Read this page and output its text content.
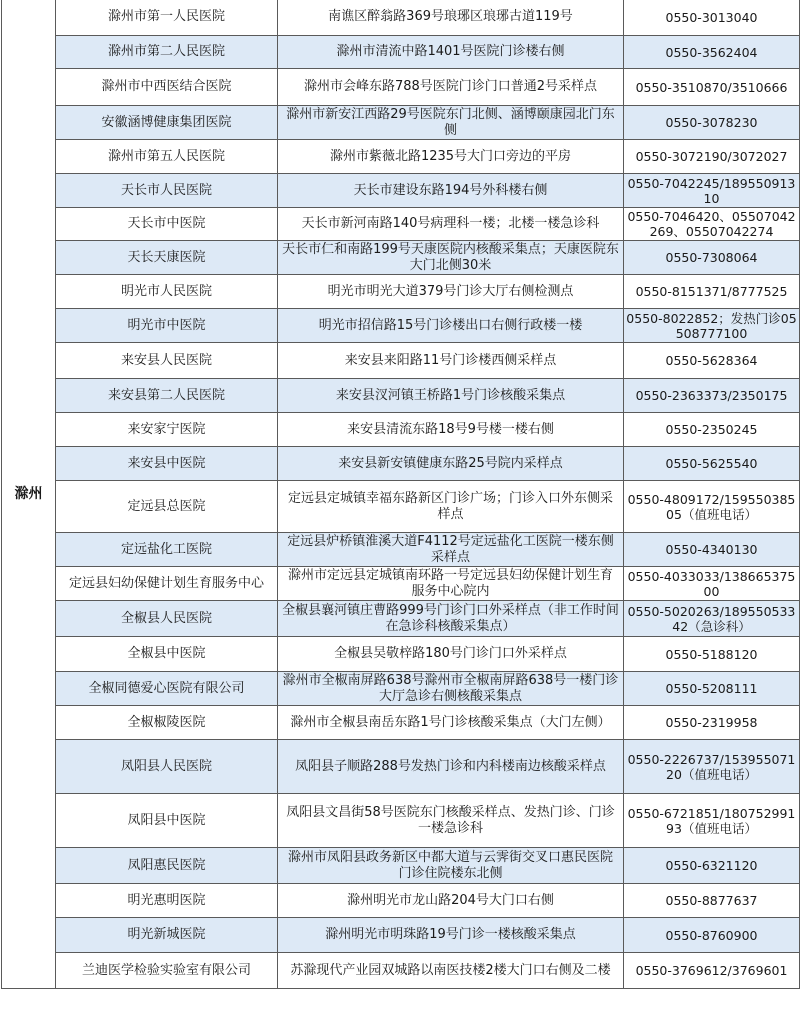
滁州	滁州市第一人民医院	南谯区醉翁路369号琅琊区琅琊古道119号	0550-3013040
	滁州市第二人民医院	滁州市清流中路1401号医院门诊楼右侧	0550-3562404
	滁州市中西医结合医院	滁州市会峰东路788号医院门诊门口普通2号采样点	0550-3510870/3510666
	安徽涵博健康集团医院	滁州市新安江西路29号医院东门北侧、涵博颐康园北门东侧	0550-3078230
	滁州市第五人民医院	滁州市紫薇北路1235号大门口旁边的平房	0550-3072190/3072027
	天长市人民医院	天长市建设东路194号外科楼右侧	0550-7042245/18955091310
	天长市中医院	天长市新河南路140号病理科一楼；北楼一楼急诊科	0550-7046420、05507042269、05507042274
	天长天康医院	天长市仁和南路199号天康医院内核酸采集点；天康医院东大门北侧30米	0550-7308064
	明光市人民医院	明光市明光大道379号门诊大厅右侧检测点	0550-8151371/8777525
	明光市中医院	明光市招信路15号门诊楼出口右侧行政楼一楼	0550-8022852；发热门诊05508777100
	来安县人民医院	来安县来阳路11号门诊楼西侧采样点	0550-5628364
	来安县第二人民医院	来安县汊河镇王桥路1号门诊核酸采集点	0550-2363373/2350175
	来安家宁医院	来安县清流东路18号9号楼一楼右侧	0550-2350245
	来安县中医院	来安县新安镇健康东路25号院内采样点	0550-5625540
	定远县总医院	定远县定城镇幸福东路新区门诊广场；门诊入口外东侧采样点	0550-4809172/15955038505（值班电话）
	定远盐化工医院	定远县炉桥镇淮溪大道F4112号定远盐化工医院一楼东侧采样点	0550-4340130
	定远县妇幼保健计划生育服务中心	滁州市定远县定城镇南环路一号定远县妇幼保健计划生育服务中心院内	0550-4033033/13866537500
	全椒县人民医院	全椒县襄河镇庄曹路999号门诊门口外采样点（非工作时间在急诊科核酸采集点）	0550-5020263/18955053342（急诊科）
	全椒县中医院	全椒县吴敬梓路180号门诊门口外采样点	0550-5188120
	全椒同德爱心医院有限公司	滁州市全椒南屏路638号滁州市全椒南屏路638号一楼门诊大厅急诊右侧核酸采集点	0550-5208111
	全椒椒陵医院	滁州市全椒县南岳东路1号门诊核酸采集点（大门左侧）	0550-2319958
	凤阳县人民医院	凤阳县子顺路288号发热门诊和内科楼南边核酸采样点	0550-2226737/15395507120（值班电话）
	凤阳县中医院	凤阳县文昌街58号医院东门核酸采样点、发热门诊、门诊一楼急诊科	0550-6721851/18075299193（值班电话）
	凤阳惠民医院	滁州市凤阳县政务新区中都大道与云霁街交叉口惠民医院门诊住院楼东北侧	0550-6321120
	明光惠明医院	滁州明光市龙山路204号大门口右侧	0550-8877637
	明光新城医院	滁州明光市明珠路19号门诊一楼核酸采集点	0550-8760900
	兰迪医学检验实验室有限公司	苏滁现代产业园双城路以南医技楼2楼大门口右侧及二楼	0550-3769612/3769601
